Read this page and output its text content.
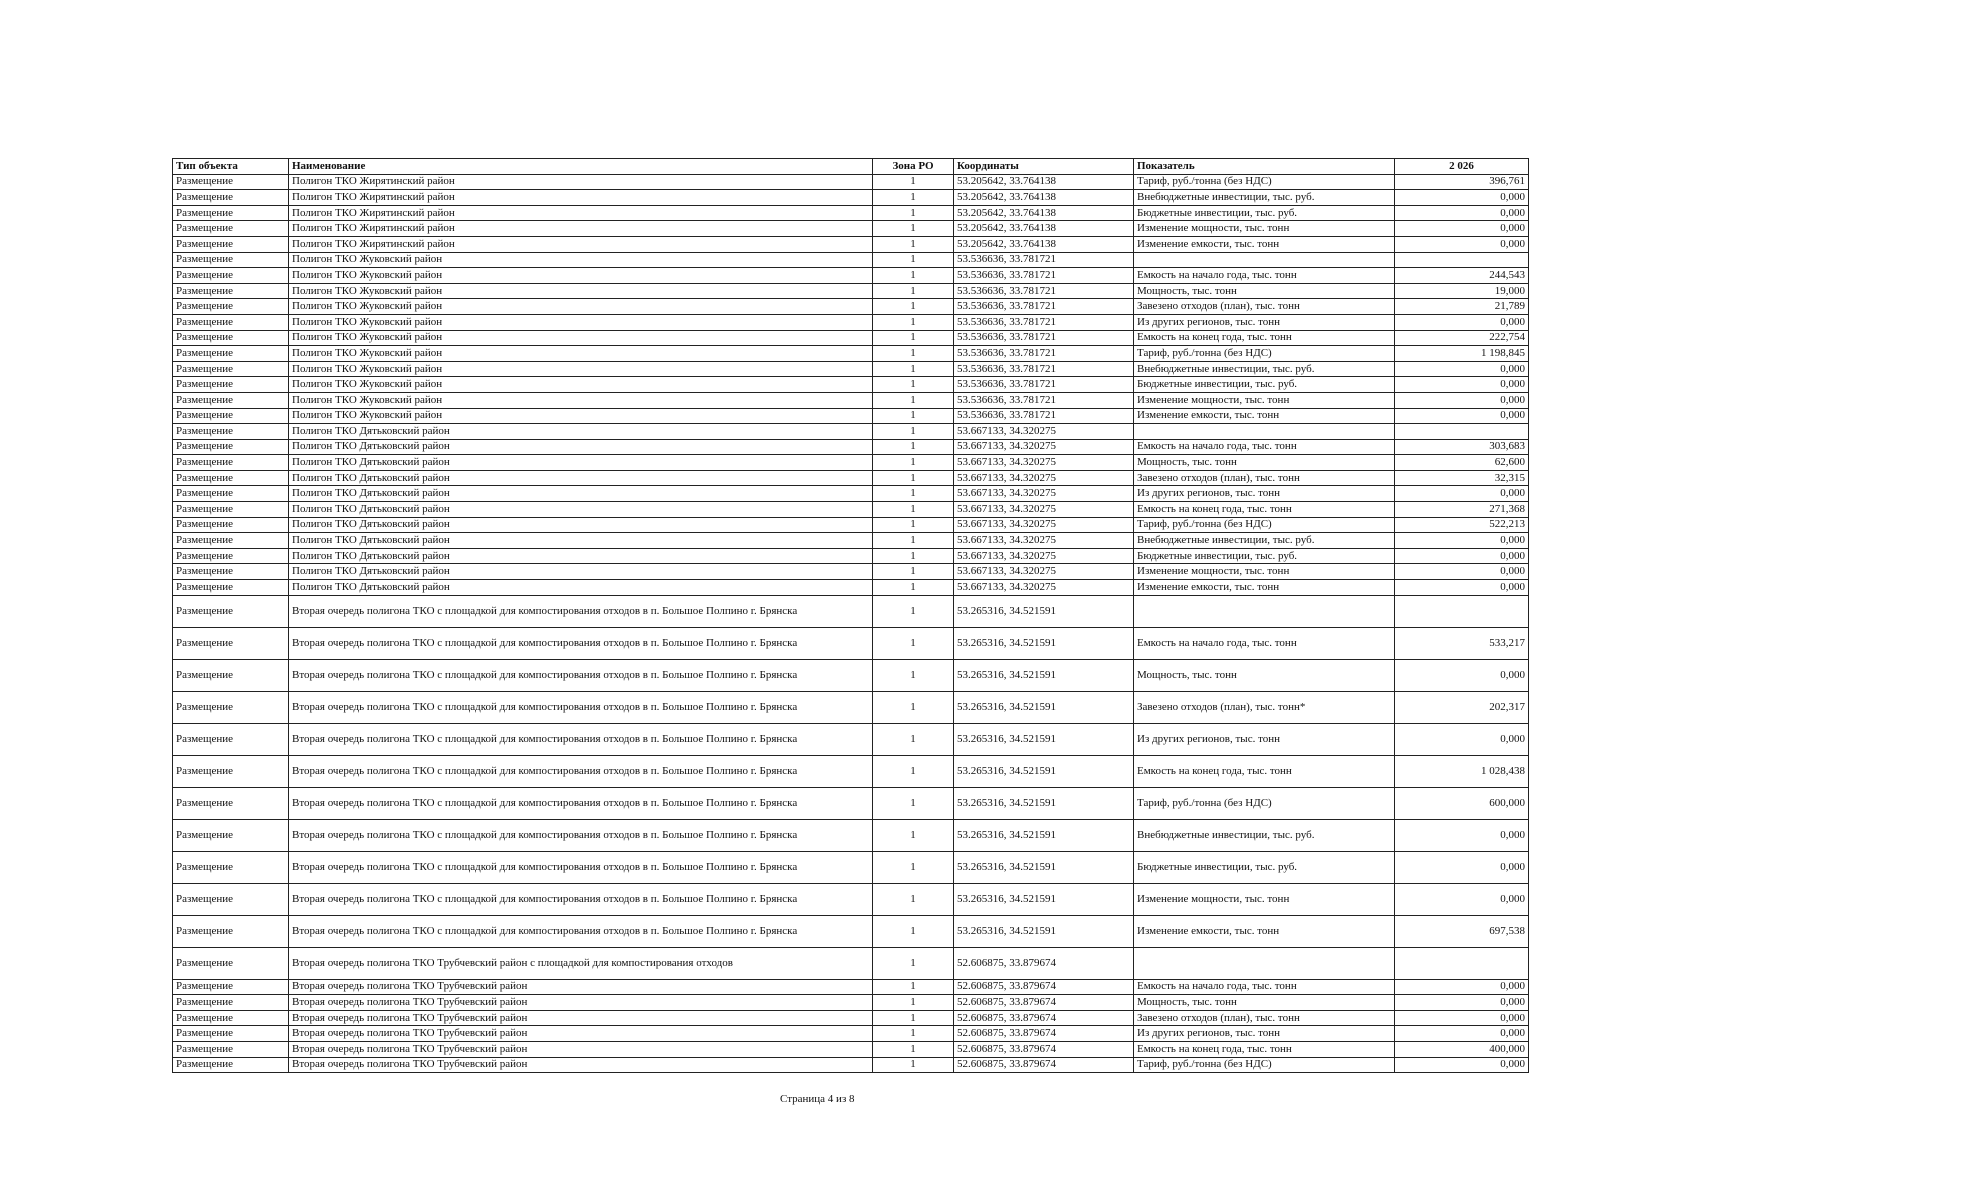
Тип объекта	Наименование	Зона РО	Координаты	Показатель	2 026
Размещение	Полигон ТКО Жирятинский район	1	53.205642, 33.764138	Тариф, руб./тонна (без НДС)	396,761
Размещение	Полигон ТКО Жирятинский район	1	53.205642, 33.764138	Внебюджетные инвестиции, тыс. руб.	0,000
Размещение	Полигон ТКО Жирятинский район	1	53.205642, 33.764138	Бюджетные инвестиции, тыс. руб.	0,000
Размещение	Полигон ТКО Жирятинский район	1	53.205642, 33.764138	Изменение мощности, тыс. тонн	0,000
Размещение	Полигон ТКО Жирятинский район	1	53.205642, 33.764138	Изменение емкости, тыс. тонн	0,000
Размещение	Полигон ТКО Жуковский район	1	53.536636, 33.781721		
Размещение	Полигон ТКО Жуковский район	1	53.536636, 33.781721	Емкость на начало года, тыс. тонн	244,543
Размещение	Полигон ТКО Жуковский район	1	53.536636, 33.781721	Мощность, тыс. тонн	19,000
Размещение	Полигон ТКО Жуковский район	1	53.536636, 33.781721	Завезено отходов (план), тыс. тонн	21,789
Размещение	Полигон ТКО Жуковский район	1	53.536636, 33.781721	Из других регионов, тыс. тонн	0,000
Размещение	Полигон ТКО Жуковский район	1	53.536636, 33.781721	Емкость на конец года, тыс. тонн	222,754
Размещение	Полигон ТКО Жуковский район	1	53.536636, 33.781721	Тариф, руб./тонна (без НДС)	1 198,845
Размещение	Полигон ТКО Жуковский район	1	53.536636, 33.781721	Внебюджетные инвестиции, тыс. руб.	0,000
Размещение	Полигон ТКО Жуковский район	1	53.536636, 33.781721	Бюджетные инвестиции, тыс. руб.	0,000
Размещение	Полигон ТКО Жуковский район	1	53.536636, 33.781721	Изменение мощности, тыс. тонн	0,000
Размещение	Полигон ТКО Жуковский район	1	53.536636, 33.781721	Изменение емкости, тыс. тонн	0,000
Размещение	Полигон ТКО Дятьковский район	1	53.667133, 34.320275		
Размещение	Полигон ТКО Дятьковский район	1	53.667133, 34.320275	Емкость на начало года, тыс. тонн	303,683
Размещение	Полигон ТКО Дятьковский район	1	53.667133, 34.320275	Мощность, тыс. тонн	62,600
Размещение	Полигон ТКО Дятьковский район	1	53.667133, 34.320275	Завезено отходов (план), тыс. тонн	32,315
Размещение	Полигон ТКО Дятьковский район	1	53.667133, 34.320275	Из других регионов, тыс. тонн	0,000
Размещение	Полигон ТКО Дятьковский район	1	53.667133, 34.320275	Емкость на конец года, тыс. тонн	271,368
Размещение	Полигон ТКО Дятьковский район	1	53.667133, 34.320275	Тариф, руб./тонна (без НДС)	522,213
Размещение	Полигон ТКО Дятьковский район	1	53.667133, 34.320275	Внебюджетные инвестиции, тыс. руб.	0,000
Размещение	Полигон ТКО Дятьковский район	1	53.667133, 34.320275	Бюджетные инвестиции, тыс. руб.	0,000
Размещение	Полигон ТКО Дятьковский район	1	53.667133, 34.320275	Изменение мощности, тыс. тонн	0,000
Размещение	Полигон ТКО Дятьковский район	1	53.667133, 34.320275	Изменение емкости, тыс. тонн	0,000
Размещение	Вторая очередь полигона ТКО с площадкой для компостирования отходов в п. Большое Полпино г. Брянска	1	53.265316, 34.521591		
Размещение	Вторая очередь полигона ТКО с площадкой для компостирования отходов в п. Большое Полпино г. Брянска	1	53.265316, 34.521591	Емкость на начало года, тыс. тонн	533,217
Размещение	Вторая очередь полигона ТКО с площадкой для компостирования отходов в п. Большое Полпино г. Брянска	1	53.265316, 34.521591	Мощность, тыс. тонн	0,000
Размещение	Вторая очередь полигона ТКО с площадкой для компостирования отходов в п. Большое Полпино г. Брянска	1	53.265316, 34.521591	Завезено отходов (план), тыс. тонн*	202,317
Размещение	Вторая очередь полигона ТКО с площадкой для компостирования отходов в п. Большое Полпино г. Брянска	1	53.265316, 34.521591	Из других регионов, тыс. тонн	0,000
Размещение	Вторая очередь полигона ТКО с площадкой для компостирования отходов в п. Большое Полпино г. Брянска	1	53.265316, 34.521591	Емкость на конец года, тыс. тонн	1 028,438
Размещение	Вторая очередь полигона ТКО с площадкой для компостирования отходов в п. Большое Полпино г. Брянска	1	53.265316, 34.521591	Тариф, руб./тонна (без НДС)	600,000
Размещение	Вторая очередь полигона ТКО с площадкой для компостирования отходов в п. Большое Полпино г. Брянска	1	53.265316, 34.521591	Внебюджетные инвестиции, тыс. руб.	0,000
Размещение	Вторая очередь полигона ТКО с площадкой для компостирования отходов в п. Большое Полпино г. Брянска	1	53.265316, 34.521591	Бюджетные инвестиции, тыс. руб.	0,000
Размещение	Вторая очередь полигона ТКО с площадкой для компостирования отходов в п. Большое Полпино г. Брянска	1	53.265316, 34.521591	Изменение мощности, тыс. тонн	0,000
Размещение	Вторая очередь полигона ТКО с площадкой для компостирования отходов в п. Большое Полпино г. Брянска	1	53.265316, 34.521591	Изменение емкости, тыс. тонн	697,538
Размещение	Вторая очередь полигона ТКО Трубчевский район с площадкой для компостирования отходов	1	52.606875, 33.879674		
Размещение	Вторая очередь полигона ТКО Трубчевский район	1	52.606875, 33.879674	Емкость на начало года, тыс. тонн	0,000
Размещение	Вторая очередь полигона ТКО Трубчевский район	1	52.606875, 33.879674	Мощность, тыс. тонн	0,000
Размещение	Вторая очередь полигона ТКО Трубчевский район	1	52.606875, 33.879674	Завезено отходов (план), тыс. тонн	0,000
Размещение	Вторая очередь полигона ТКО Трубчевский район	1	52.606875, 33.879674	Из других регионов, тыс. тонн	0,000
Размещение	Вторая очередь полигона ТКО Трубчевский район	1	52.606875, 33.879674	Емкость на конец года, тыс. тонн	400,000
Размещение	Вторая очередь полигона ТКО Трубчевский район	1	52.606875, 33.879674	Тариф, руб./тонна (без НДС)	0,000
Страница 4 из 8
